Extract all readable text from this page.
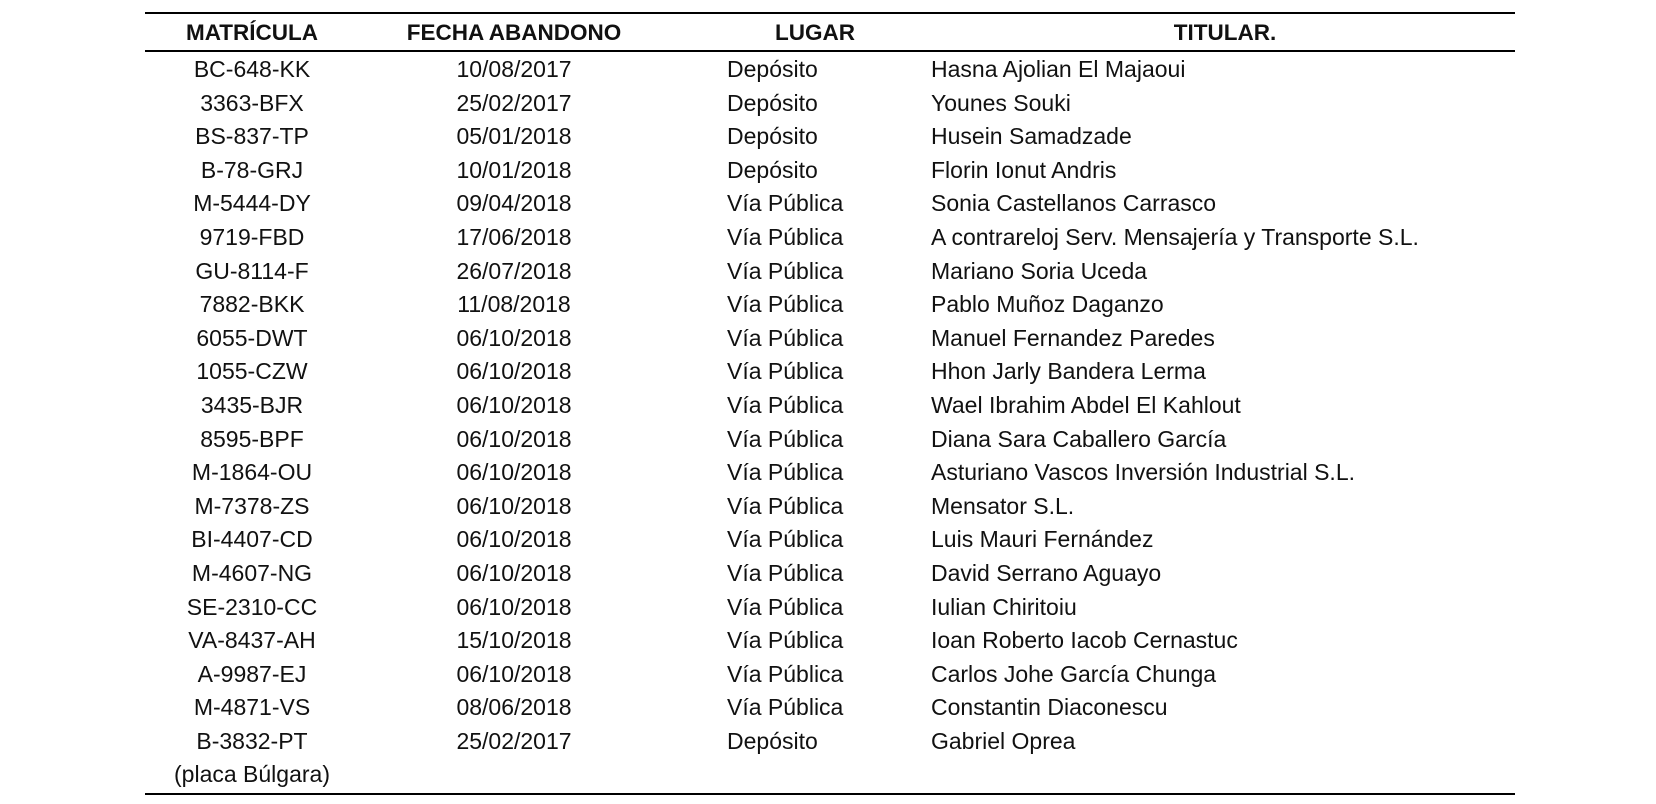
MATRÍCULA	FECHA ABANDONO	LUGAR	TITULAR.
BC-648-KK	10/08/2017	Depósito	Hasna Ajolian El Majaoui
3363-BFX	25/02/2017	Depósito	Younes Souki
BS-837-TP	05/01/2018	Depósito	Husein Samadzade
B-78-GRJ	10/01/2018	Depósito	Florin Ionut Andris
M-5444-DY	09/04/2018	Vía Pública	Sonia Castellanos Carrasco
9719-FBD	17/06/2018	Vía Pública	A contrareloj Serv. Mensajería y Transporte S.L.
GU-8114-F	26/07/2018	Vía Pública	Mariano Soria Uceda
7882-BKK	11/08/2018	Vía Pública	Pablo Muñoz Daganzo
6055-DWT	06/10/2018	Vía Pública	Manuel Fernandez Paredes
1055-CZW	06/10/2018	Vía Pública	Hhon Jarly Bandera Lerma
3435-BJR	06/10/2018	Vía Pública	Wael Ibrahim Abdel El Kahlout
8595-BPF	06/10/2018	Vía Pública	Diana Sara Caballero García
M-1864-OU	06/10/2018	Vía Pública	Asturiano Vascos Inversión Industrial S.L.
M-7378-ZS	06/10/2018	Vía Pública	Mensator S.L.
BI-4407-CD	06/10/2018	Vía Pública	Luis Mauri Fernández
M-4607-NG	06/10/2018	Vía Pública	David Serrano Aguayo
SE-2310-CC	06/10/2018	Vía Pública	Iulian Chiritoiu
VA-8437-AH	15/10/2018	Vía Pública	Ioan Roberto Iacob Cernastuc
A-9987-EJ	06/10/2018	Vía Pública	Carlos Johe García Chunga
M-4871-VS	08/06/2018	Vía Pública	Constantin Diaconescu
B-3832-PT	25/02/2017	Depósito	Gabriel Oprea
(placa Búlgara)
